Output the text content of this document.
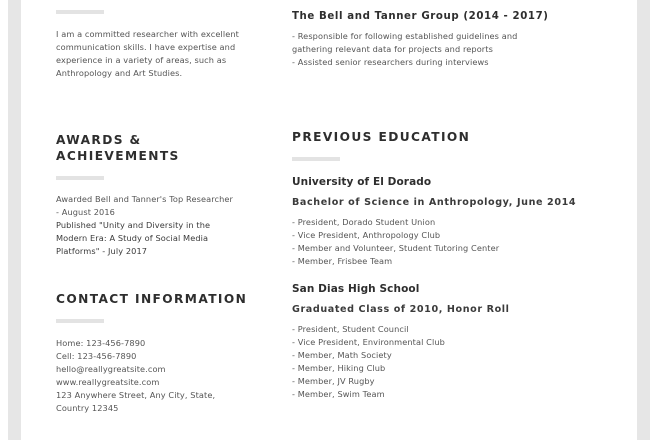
I am a committed researcher with excellent communication skills. I have expertise and experience in a variety of areas, such as Anthropology and Art Studies.
AWARDS &
ACHIEVEMENTS
Awarded Bell and Tanner's Top Researcher - August 2016
Published "Unity and Diversity in the Modern Era: A Study of Social Media Platforms" - July 2017
CONTACT INFORMATION
Home: 123-456-7890
Cell: 123-456-7890
hello@reallygreatsite.com
www.reallygreatsite.com
123 Anywhere Street, Any City, State, Country 12345
The Bell and Tanner Group (2014 - 2017)
- Responsible for following established guidelines and gathering relevant data for projects and reports
- Assisted senior researchers during interviews
PREVIOUS EDUCATION
University of El Dorado
Bachelor of Science in Anthropology, June 2014
- President, Dorado Student Union
- Vice President, Anthropology Club
- Member and Volunteer, Student Tutoring Center
- Member, Frisbee Team
San Dias High School
Graduated Class of 2010, Honor Roll
- President, Student Council
- Vice President, Environmental Club
- Member, Math Society
- Member, Hiking Club
- Member, JV Rugby
- Member, Swim Team
